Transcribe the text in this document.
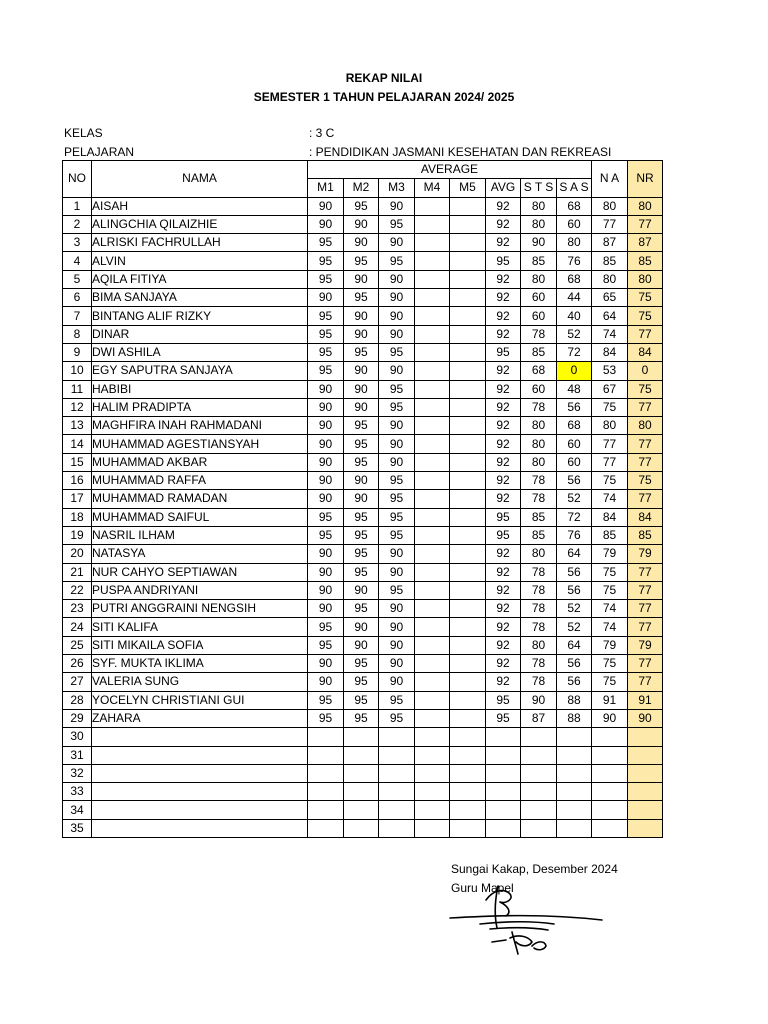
REKAP NILAI
SEMESTER 1 TAHUN PELAJARAN 2024/ 2025
KELAS	: 3 C
PELAJARAN	: PENDIDIKAN JASMANI KESEHATAN DAN REKREASI
NO	NAMA	AVERAGE								N A	NR
		M1	M2	M3	M4	M5	AVG	S T S	S A S		
1	AISAH	90	95	90			92	80	68	80	80
2	ALINGCHIA QILAIZHIE	90	90	95			92	80	60	77	77
3	ALRISKI FACHRULLAH	95	90	90			92	90	80	87	87
4	ALVIN	95	95	95			95	85	76	85	85
5	AQILA FITIYA	95	90	90			92	80	68	80	80
6	BIMA SANJAYA	90	95	90			92	60	44	65	75
7	BINTANG ALIF RIZKY	95	90	90			92	60	40	64	75
8	DINAR	95	90	90			92	78	52	74	77
9	DWI ASHILA	95	95	95			95	85	72	84	84
10	EGY SAPUTRA SANJAYA	95	90	90			92	68	0	53	0
11	HABIBI	90	90	95			92	60	48	67	75
12	HALIM PRADIPTA	90	90	95			92	78	56	75	77
13	MAGHFIRA INAH RAHMADANI	90	95	90			92	80	68	80	80
14	MUHAMMAD AGESTIANSYAH	90	95	90			92	80	60	77	77
15	MUHAMMAD AKBAR	90	95	90			92	80	60	77	77
16	MUHAMMAD RAFFA	90	90	95			92	78	56	75	75
17	MUHAMMAD RAMADAN	90	90	95			92	78	52	74	77
18	MUHAMMAD SAIFUL	95	95	95			95	85	72	84	84
19	NASRIL ILHAM	95	95	95			95	85	76	85	85
20	NATASYA	90	95	90			92	80	64	79	79
21	NUR CAHYO SEPTIAWAN	90	95	90			92	78	56	75	77
22	PUSPA ANDRIYANI	90	90	95			92	78	56	75	77
23	PUTRI ANGGRAINI NENGSIH	90	95	90			92	78	52	74	77
24	SITI KALIFA	95	90	90			92	78	52	74	77
25	SITI MIKAILA SOFIA	95	90	90			92	80	64	79	79
26	SYF. MUKTA IKLIMA	90	95	90			92	78	56	75	77
27	VALERIA SUNG	90	95	90			92	78	56	75	77
28	YOCELYN CHRISTIANI GUI	95	95	95			95	90	88	91	91
29	ZAHARA	95	95	95			95	87	88	90	90
30											
31											
32											
33											
34											
35											
Sungai Kakap, Desember 2024
Guru Mapel
